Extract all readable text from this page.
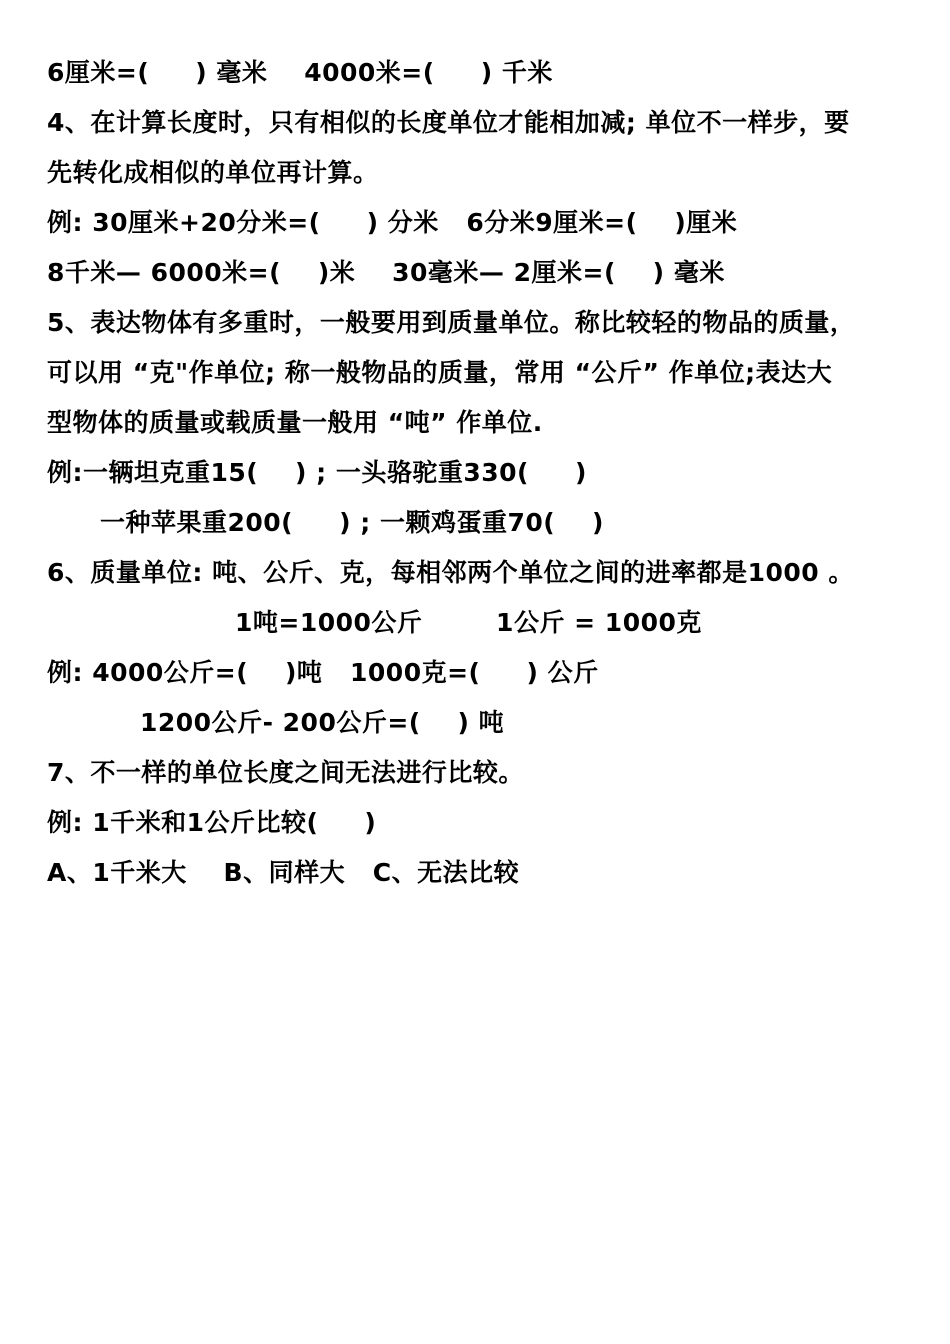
6厘米=(     ) 毫米    4000米=(     ) 千米
4、在计算长度时，只有相似的长度单位才能相加减; 单位不一样步，要
先转化成相似的单位再计算。
例: 30厘米+20分米=(     ) 分米   6分米9厘米=(    )厘米
8千米— 6000米=(    )米    30毫米— 2厘米=(    ) 毫米
5、表达物体有多重时，一般要用到质量单位。称比较轻的物品的质量，
可以用 “克"作单位; 称一般物品的质量，常用 “公斤” 作单位;表达大
型物体的质量或载质量一般用 “吨” 作单位.
例:一辆坦克重15(    ) ; 一头骆驼重330(     )
一种苹果重200(     ) ; 一颗鸡蛋重70(    )
6、质量单位: 吨、公斤、克，每相邻两个单位之间的进率都是1000 。
1吨=1000公斤        1公斤 = 1000克
例: 4000公斤=(    )吨   1000克=(     ) 公斤
1200公斤- 200公斤=(    ) 吨
7、不一样的单位长度之间无法进行比较。
例: 1千米和1公斤比较(     )
A、1千米大    B、同样大   C、无法比较
